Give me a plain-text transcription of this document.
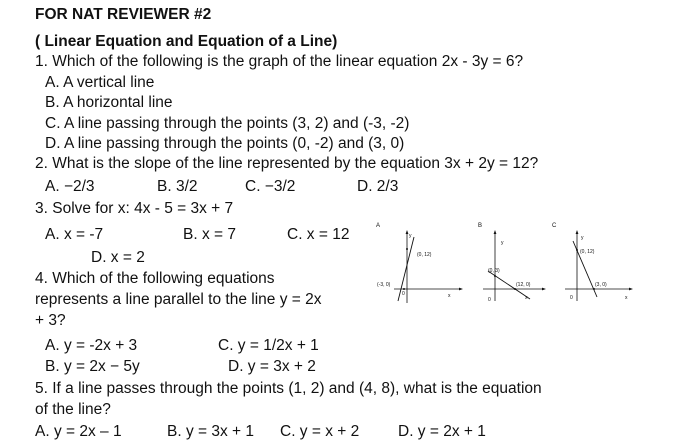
FOR NAT REVIEWER #2
( Linear Equation and Equation of a Line)
1. Which of the following is the graph of the linear equation 2x - 3y = 6?
A. A vertical line
B. A horizontal line
C. A line passing through the points (3, 2) and (-3, -2)
D. A line passing through the points (0, -2) and (3, 0)
2. What is the slope of the line represented by the equation 3x + 2y = 12?
A. −2/3	B. 3/2	C. −3/2	D. 2/3
3. Solve for x: 4x - 5 = 3x + 7
A. x = -7	B. x = 7	C. x = 12
D. x = 2
4. Which of the following equations
represents a line parallel to the line y = 2x
+ 3?
A. y = -2x + 3	C. y = 1/2x + 1
B. y = 2x − 5y	D. y = 3x + 2
5. If a line passes through the points (1, 2) and (4, 8), what is the equation
of the line?
A. y = 2x – 1	B. y = 3x + 1 C. y = x + 2 D. y = 2x + 1
A
y
x
(0, 12)
(-3, 0)
0
B
y
x
(0, 3)
(12, 0)
0
C
y
x
(0, 12)
(3, 0)
0
